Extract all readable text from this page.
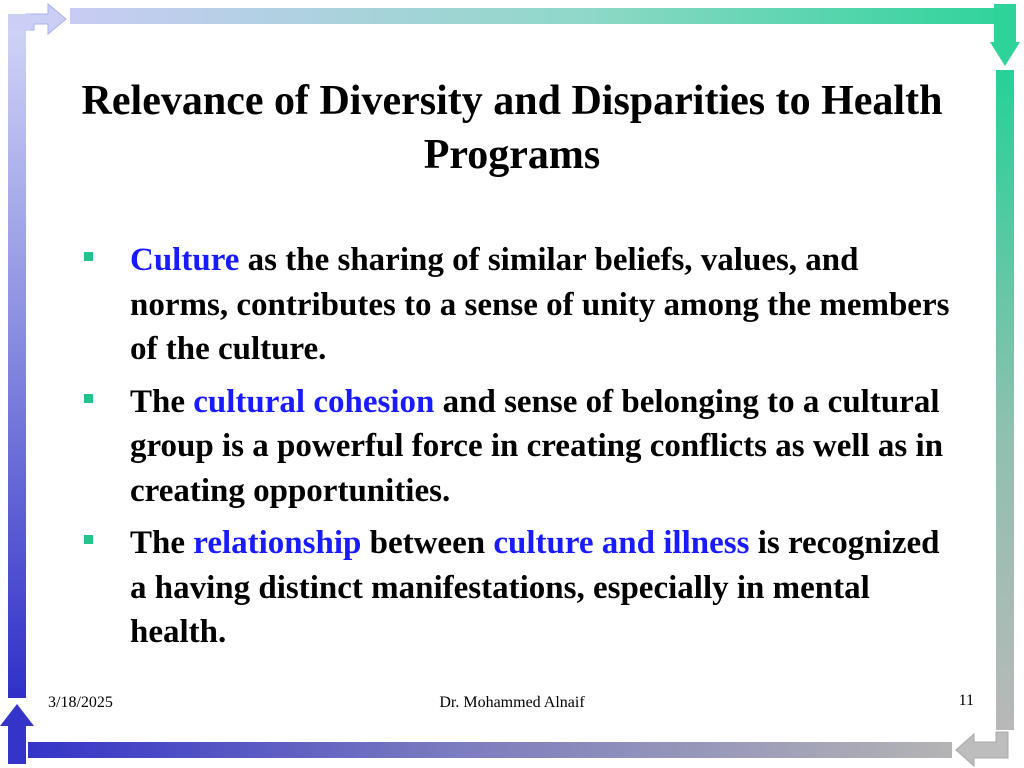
Relevance of Diversity and Disparities to Health Programs
Culture as the sharing of similar beliefs, values, and norms, contributes to a sense of unity among the members of the culture.
The cultural cohesion and sense of belonging to a cultural group is a powerful force in creating conflicts as well as in creating opportunities.
The relationship between culture and illness is recognized a having distinct manifestations, especially in mental health.
3/18/2025	Dr. Mohammed Alnaif	11
